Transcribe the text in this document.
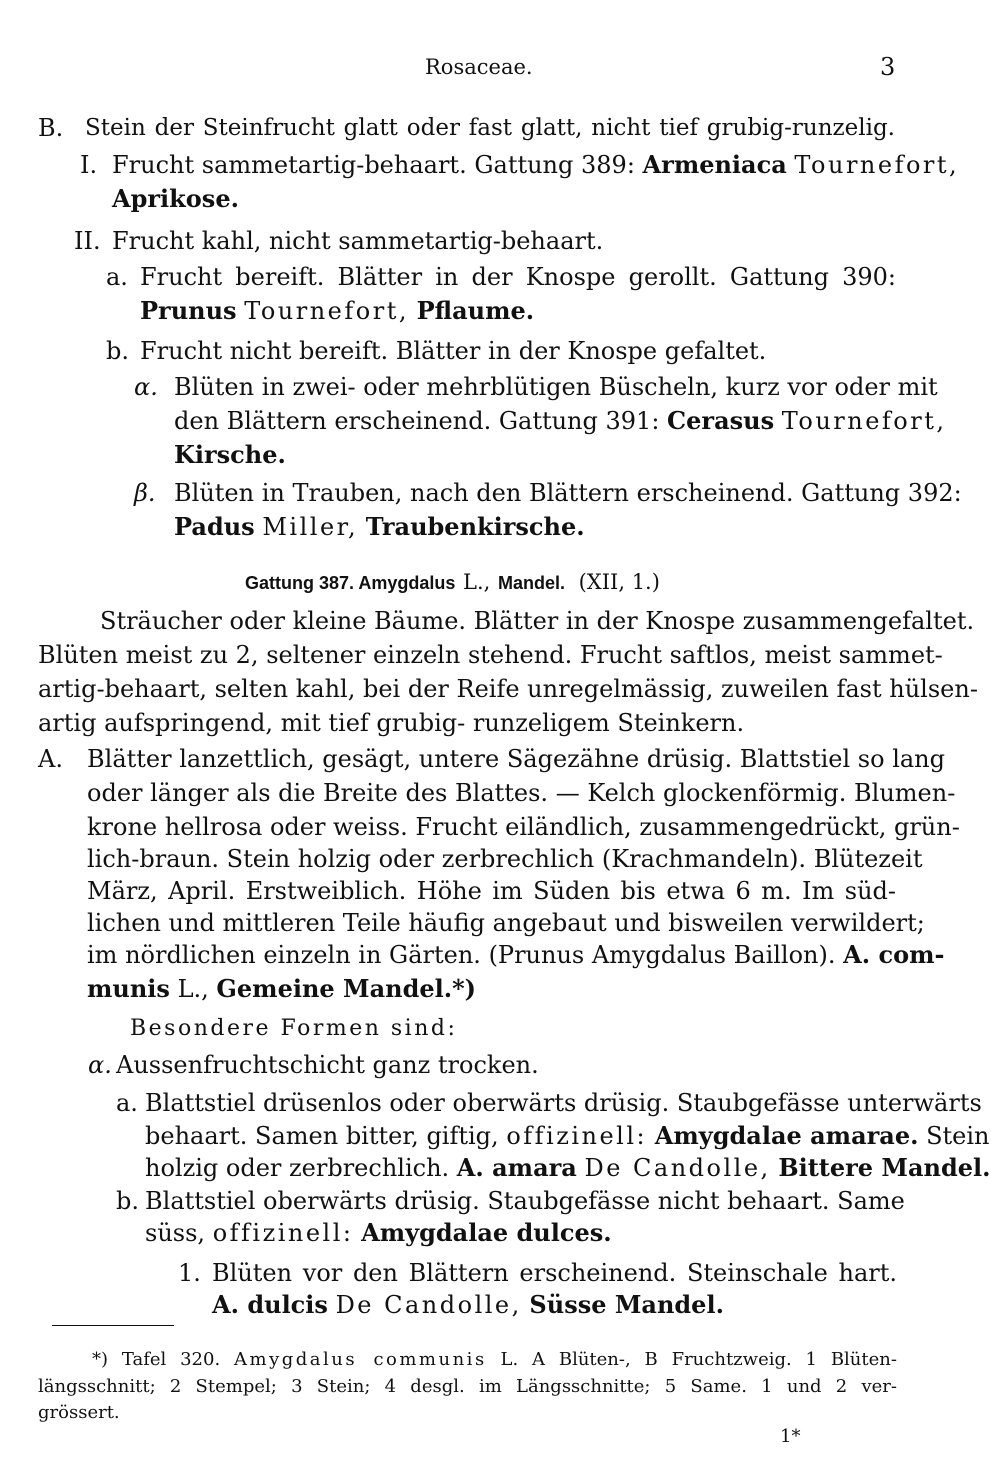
Rosaceae.	3
B. Stein der Steinfrucht glatt oder fast glatt, nicht tief grubig-runzelig.
I. Frucht sammetartig-behaart. Gattung 389: Armeniaca Tournefort,
Aprikose.
II. Frucht kahl, nicht sammetartig-behaart.
a. Frucht bereift. Blätter in der Knospe gerollt. Gattung 390:
Prunus Tournefort, Pflaume.
b. Frucht nicht bereift. Blätter in der Knospe gefaltet.
α. Blüten in zwei- oder mehrblütigen Büscheln, kurz vor oder mit
den Blättern erscheinend. Gattung 391: Cerasus Tournefort,
Kirsche.
β. Blüten in Trauben, nach den Blättern erscheinend. Gattung 392:
Padus Miller, Traubenkirsche.
Gattung 387. Amygdalus L., Mandel. (XII, 1.)
Sträucher oder kleine Bäume. Blätter in der Knospe zusammengefaltet.
Blüten meist zu 2, seltener einzeln stehend. Frucht saftlos, meist sammet-
artig-behaart, selten kahl, bei der Reife unregelmässig, zuweilen fast hülsen-
artig aufspringend, mit tief grubig- runzeligem Steinkern.
A. Blätter lanzettlich, gesägt, untere Sägezähne drüsig. Blattstiel so lang
oder länger als die Breite des Blattes. — Kelch glockenförmig. Blumen-
krone hellrosa oder weiss. Frucht eiländlich, zusammengedrückt, grün-
lich-braun. Stein holzig oder zerbrechlich (Krachmandeln). Blütezeit
März, April. Erstweiblich. Höhe im Süden bis etwa 6 m. Im süd-
lichen und mittleren Teile häufig angebaut und bisweilen verwildert;
im nördlichen einzeln in Gärten. (Prunus Amygdalus Baillon). A. com-
munis L., Gemeine Mandel.*)
Besondere Formen sind:
α. Aussenfruchtschicht ganz trocken.
a. Blattstiel drüsenlos oder oberwärts drüsig. Staubgefässe unterwärts
behaart. Samen bitter, giftig, offizinell: Amygdalae amarae. Stein
holzig oder zerbrechlich. A. amara De Candolle, Bittere Mandel.
b. Blattstiel oberwärts drüsig. Staubgefässe nicht behaart. Same
süss, offizinell: Amygdalae dulces.
1. Blüten vor den Blättern erscheinend. Steinschale hart.
A. dulcis De Candolle, Süsse Mandel.
*) Tafel 320. Amygdalus communis L. A Blüten-, B Fruchtzweig. 1 Blüten-
längsschnitt; 2 Stempel; 3 Stein; 4 desgl. im Längsschnitte; 5 Same. 1 und 2 ver-
grössert.
1*
